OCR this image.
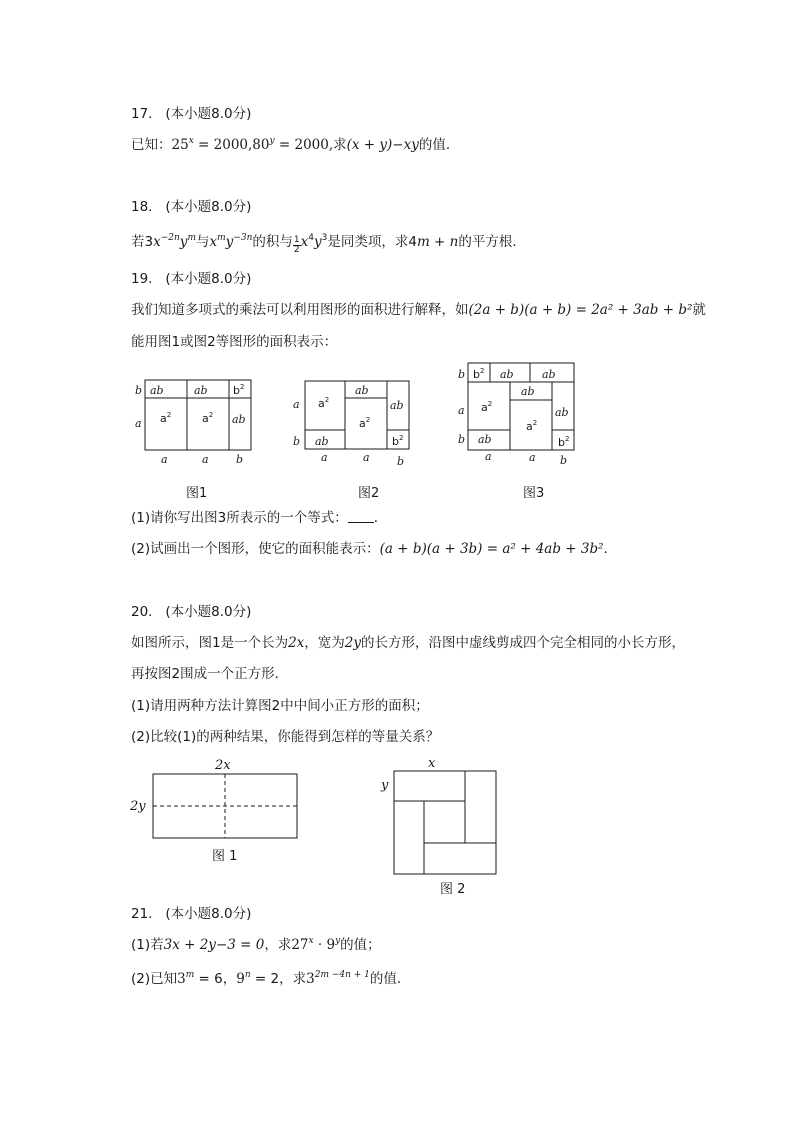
17. (本小题8.0分)
已知：$25^x = 2000,80^y = 2000$,求(x + y)−xy的值．
18. (本小题8.0分)
若$3x^{-2n}y^m$与$x^my^{-3n}$的积与 $\frac{1}{2} x^4y^3$是同类项，求4m + n的平方根．
19. (本小题8.0分)
我们知道多项式的乘法可以利用图形的面积进行解释，如(2a + b)(a + b) = 2a² + 3ab + b²就
能用图1或图2等图形的面积表示：
ab	ab $b^2$
$a^2$	$a^2$ ab
b
a
a	a b
$a^2$
ab
ab
$a^2$
ab	$b^2$
a
b
a	a b
$b^2$ ab	ab
$a^2$
ab
ab
$a^2$
ab	$b^2$
b
a
b
a	a b
图1	图2	图3
(1)请你写出图3所表示的一个等式： ．
(2)试画出一个图形，使它的面积能表示：(a + b)(a + 3b) = a² + 4ab + 3b²．
20. (本小题8.0分)
如图所示，图1是一个长为2x，宽为2y的长方形，沿图中虚线剪成四个完全相同的小长方形，
再按图2围成一个正方形．
(1)请用两种方法计算图2中中间小正方形的面积；
(2)比较(1)的两种结果，你能得到怎样的等量关系？
2x
2y
图 1
x
y
图 2
21. (本小题8.0分)
(1)若3x + 2y−3 = 0，求$27^x \cdot 9^y$的值；
(2)已知$3^m = 6$，$9^n = 2$，求$3^{2m -4n + 1}$的值．
